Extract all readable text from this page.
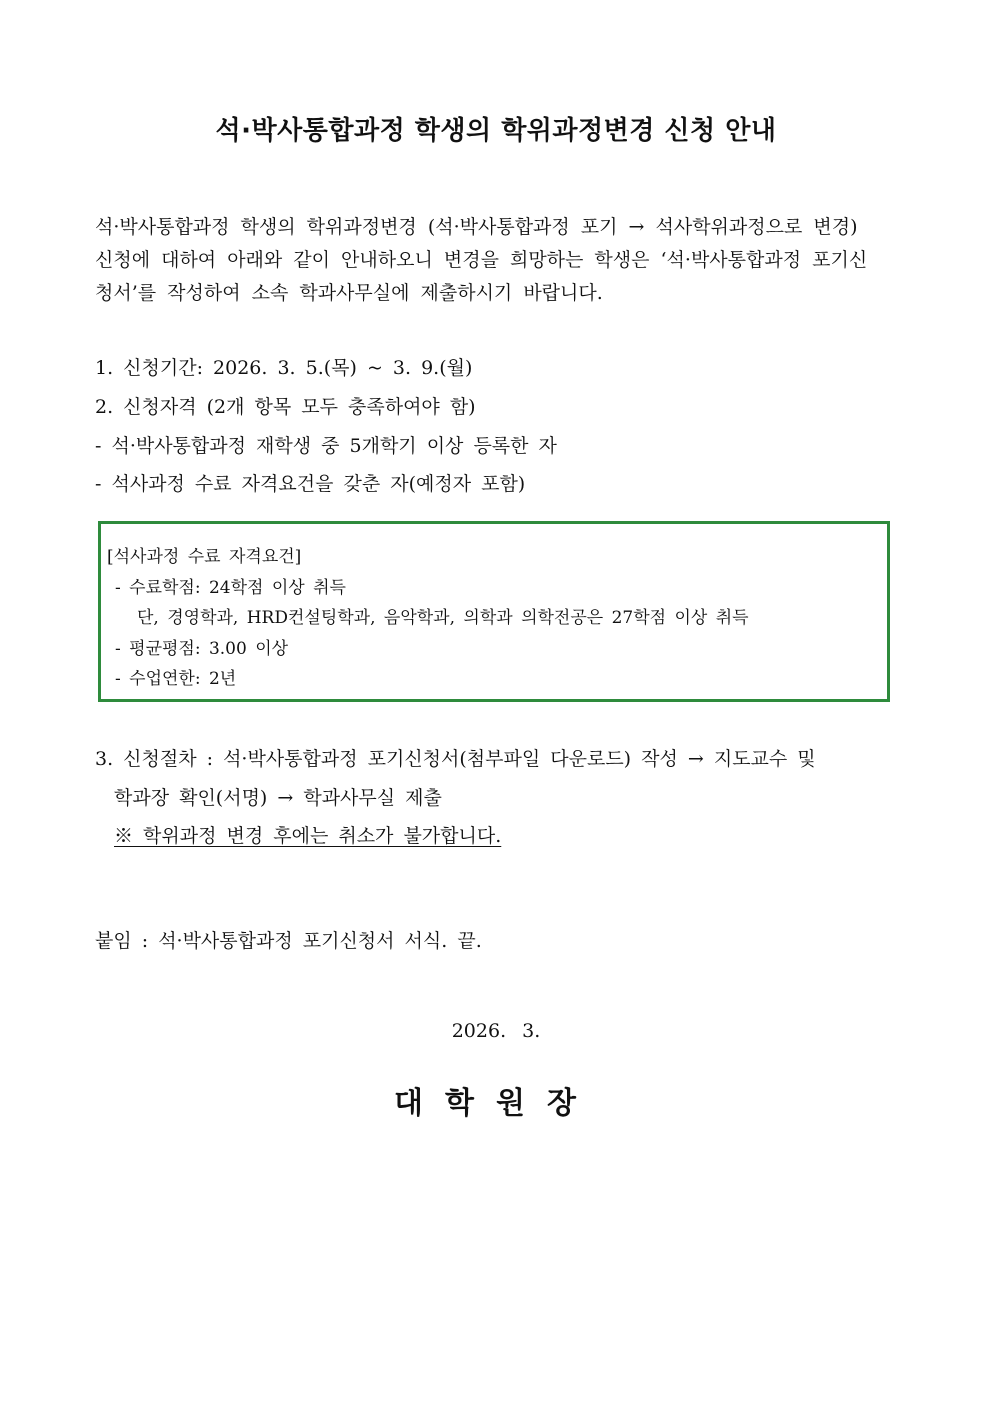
석·박사통합과정 학생의 학위과정변경 신청 안내
석·박사통합과정 학생의 학위과정변경 (석·박사통합과정 포기 → 석사학위과정으로 변경)
신청에 대하여 아래와 같이 안내하오니 변경을 희망하는 학생은 ‘석·박사통합과정 포기신
청서’를 작성하여 소속 학과사무실에 제출하시기 바랍니다.
1. 신청기간: 2026. 3. 5.(목) ~ 3. 9.(월)
2. 신청자격 (2개 항목 모두 충족하여야 함)
- 석·박사통합과정 재학생 중 5개학기 이상 등록한 자
- 석사과정 수료 자격요건을 갖춘 자(예정자 포함)
[석사과정 수료 자격요건]
- 수료학점: 24학점 이상 취득
단, 경영학과, HRD컨설팅학과, 음악학과, 의학과 의학전공은 27학점 이상 취득
- 평균평점: 3.00 이상
- 수업연한: 2년
3. 신청절차 : 석·박사통합과정 포기신청서(첨부파일 다운로드) 작성 → 지도교수 및
학과장 확인(서명) → 학과사무실 제출
※ 학위과정 변경 후에는 취소가 불가합니다.
붙임 : 석·박사통합과정 포기신청서 서식. 끝.
2026. 3.
대학원장
